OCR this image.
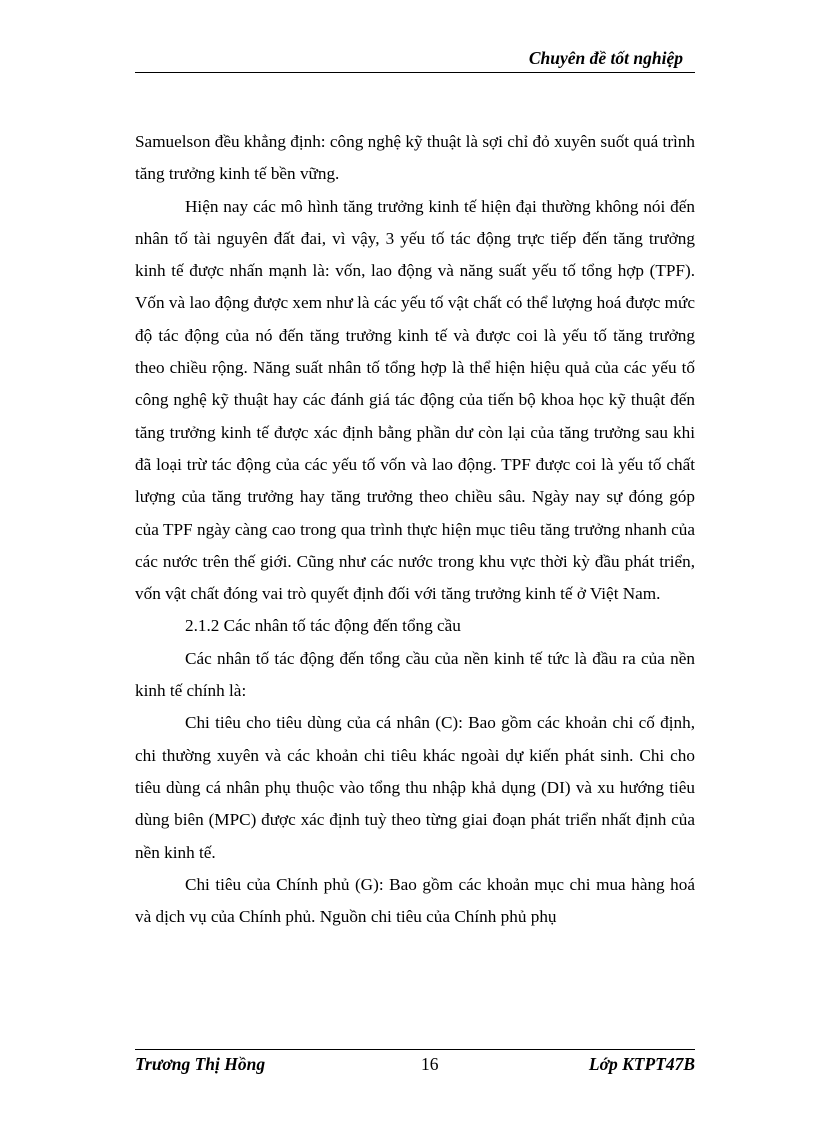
Chuyên đề tốt nghiệp

Samuelson đều khẳng định: công nghệ kỹ thuật là sợi chỉ đỏ xuyên suốt quá trình tăng trưởng kinh tế bền vững.

Hiện nay các mô hình tăng trưởng kinh tế hiện đại thường không nói đến nhân tố tài nguyên đất đai, vì vậy, 3 yếu tố tác động trực tiếp đến tăng trưởng kinh tế được nhấn mạnh là: vốn, lao động và năng suất yếu tố tổng hợp (TPF). Vốn và lao động được xem như là các yếu tố vật chất có thể lượng hoá được mức độ tác động của nó đến tăng trưởng kinh tế và được coi là yếu tố tăng trưởng theo chiều rộng. Năng suất nhân tố tổng hợp là thể hiện hiệu quả của các yếu tố công nghệ kỹ thuật hay các đánh giá tác động của tiến bộ khoa học kỹ thuật đến tăng trưởng kinh tế được xác định bằng phần dư còn lại của tăng trưởng sau khi đã loại trừ tác động của các yếu tố vốn và lao động. TPF được coi là yếu tố chất lượng của tăng trưởng hay tăng trưởng theo chiều sâu. Ngày nay sự đóng góp của TPF ngày càng cao trong qua trình thực hiện mục tiêu tăng trưởng nhanh của các nước trên thế giới. Cũng như các nước trong khu vực thời kỳ đầu phát triển, vốn vật chất đóng vai trò quyết định đối với tăng trưởng kinh tế ở Việt Nam.

2.1.2 Các nhân tố tác động đến tổng cầu

Các nhân tố tác động đến tổng cầu của nền kinh tế tức là đầu ra của nền kinh tế chính là:

Chi tiêu cho tiêu dùng của cá nhân (C): Bao gồm các khoản chi cố định, chi thường xuyên và các khoản chi tiêu khác ngoài dự kiến phát sinh. Chi cho tiêu dùng cá nhân phụ thuộc vào tổng thu nhập khả dụng (DI) và xu hướng tiêu dùng biên (MPC) được xác định tuỳ theo từng giai đoạn phát triển nhất định của nền kinh tế.

Chi tiêu của Chính phủ (G): Bao gồm các khoản mục chi mua hàng hoá và dịch vụ của Chính phủ. Nguồn chi tiêu của Chính phủ phụ

Trương Thị Hồng	16	Lớp KTPT47B
